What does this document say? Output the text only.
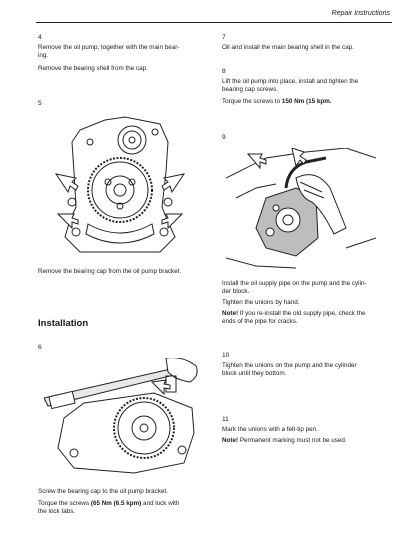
Repair Instructions
4
Remove the oil pump, together with the main bear-
ing.
Remove the bearing shell from the cap.
5
Remove the bearing cap from the oil pump bracket.
Installation
6
Screw the bearing cap to the oil pump bracket.
Torque the screws (65 Nm (6.5 kpm) and lock with
the lock tabs.
7
Oil and install the main bearing shell in the cap.
8
Lift the oil pump into place, install and tighten the
bearing cap screws.
Torque the screws to 150 Nm (15 kpm.
9
Install the oil supply pipe on the pump and the cylin-
der block.
Tighten the unions by hand.
Note! If you re-install the old supply pipe, check the
ends of the pipe for cracks.
10
Tighten the unions on the pump and the cylinder
block until they bottom.
11
Mark the unions with a felt-tip pen.
Note! Permanent marking must not be used.
